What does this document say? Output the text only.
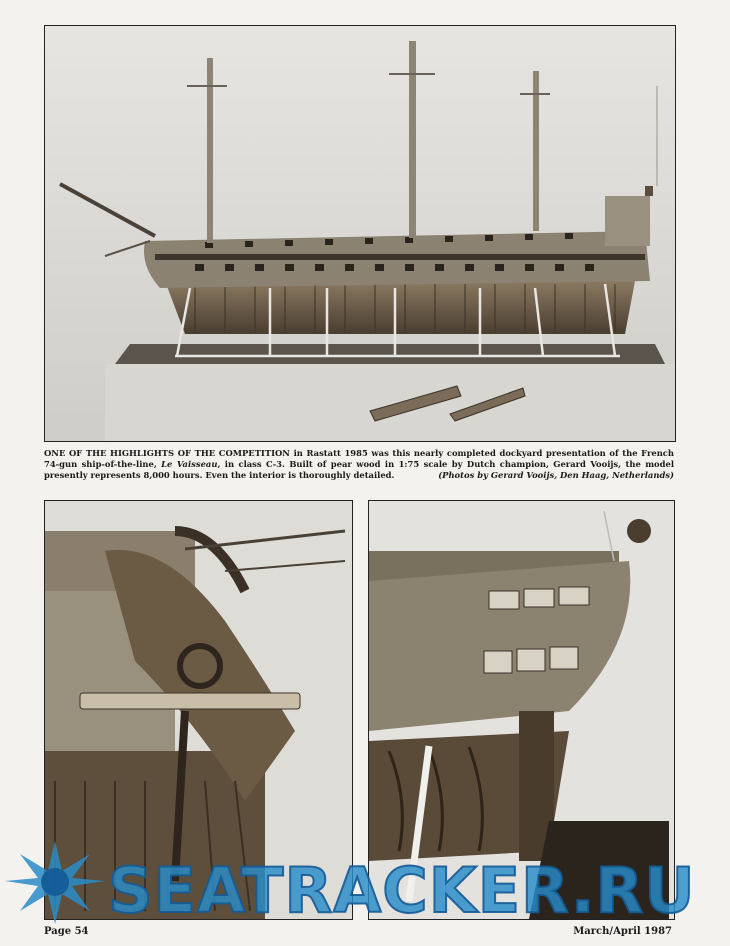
ONE OF THE HIGHLIGHTS OF THE COMPETITION in Rastatt 1985 was this nearly completed dockyard presentation of the French 74-gun ship-of-the-line, Le Vaisseau, in class C-3. Built of pear wood in 1:75 scale by Dutch champion, Gerard Vooijs, the model presently represents 8,000 hours. Even the interior is thoroughly detailed.	(Photos by Gerard Vooijs, Den Haag, Netherlands)
SEATRACKER.RU
Page 54	March/April 1987
